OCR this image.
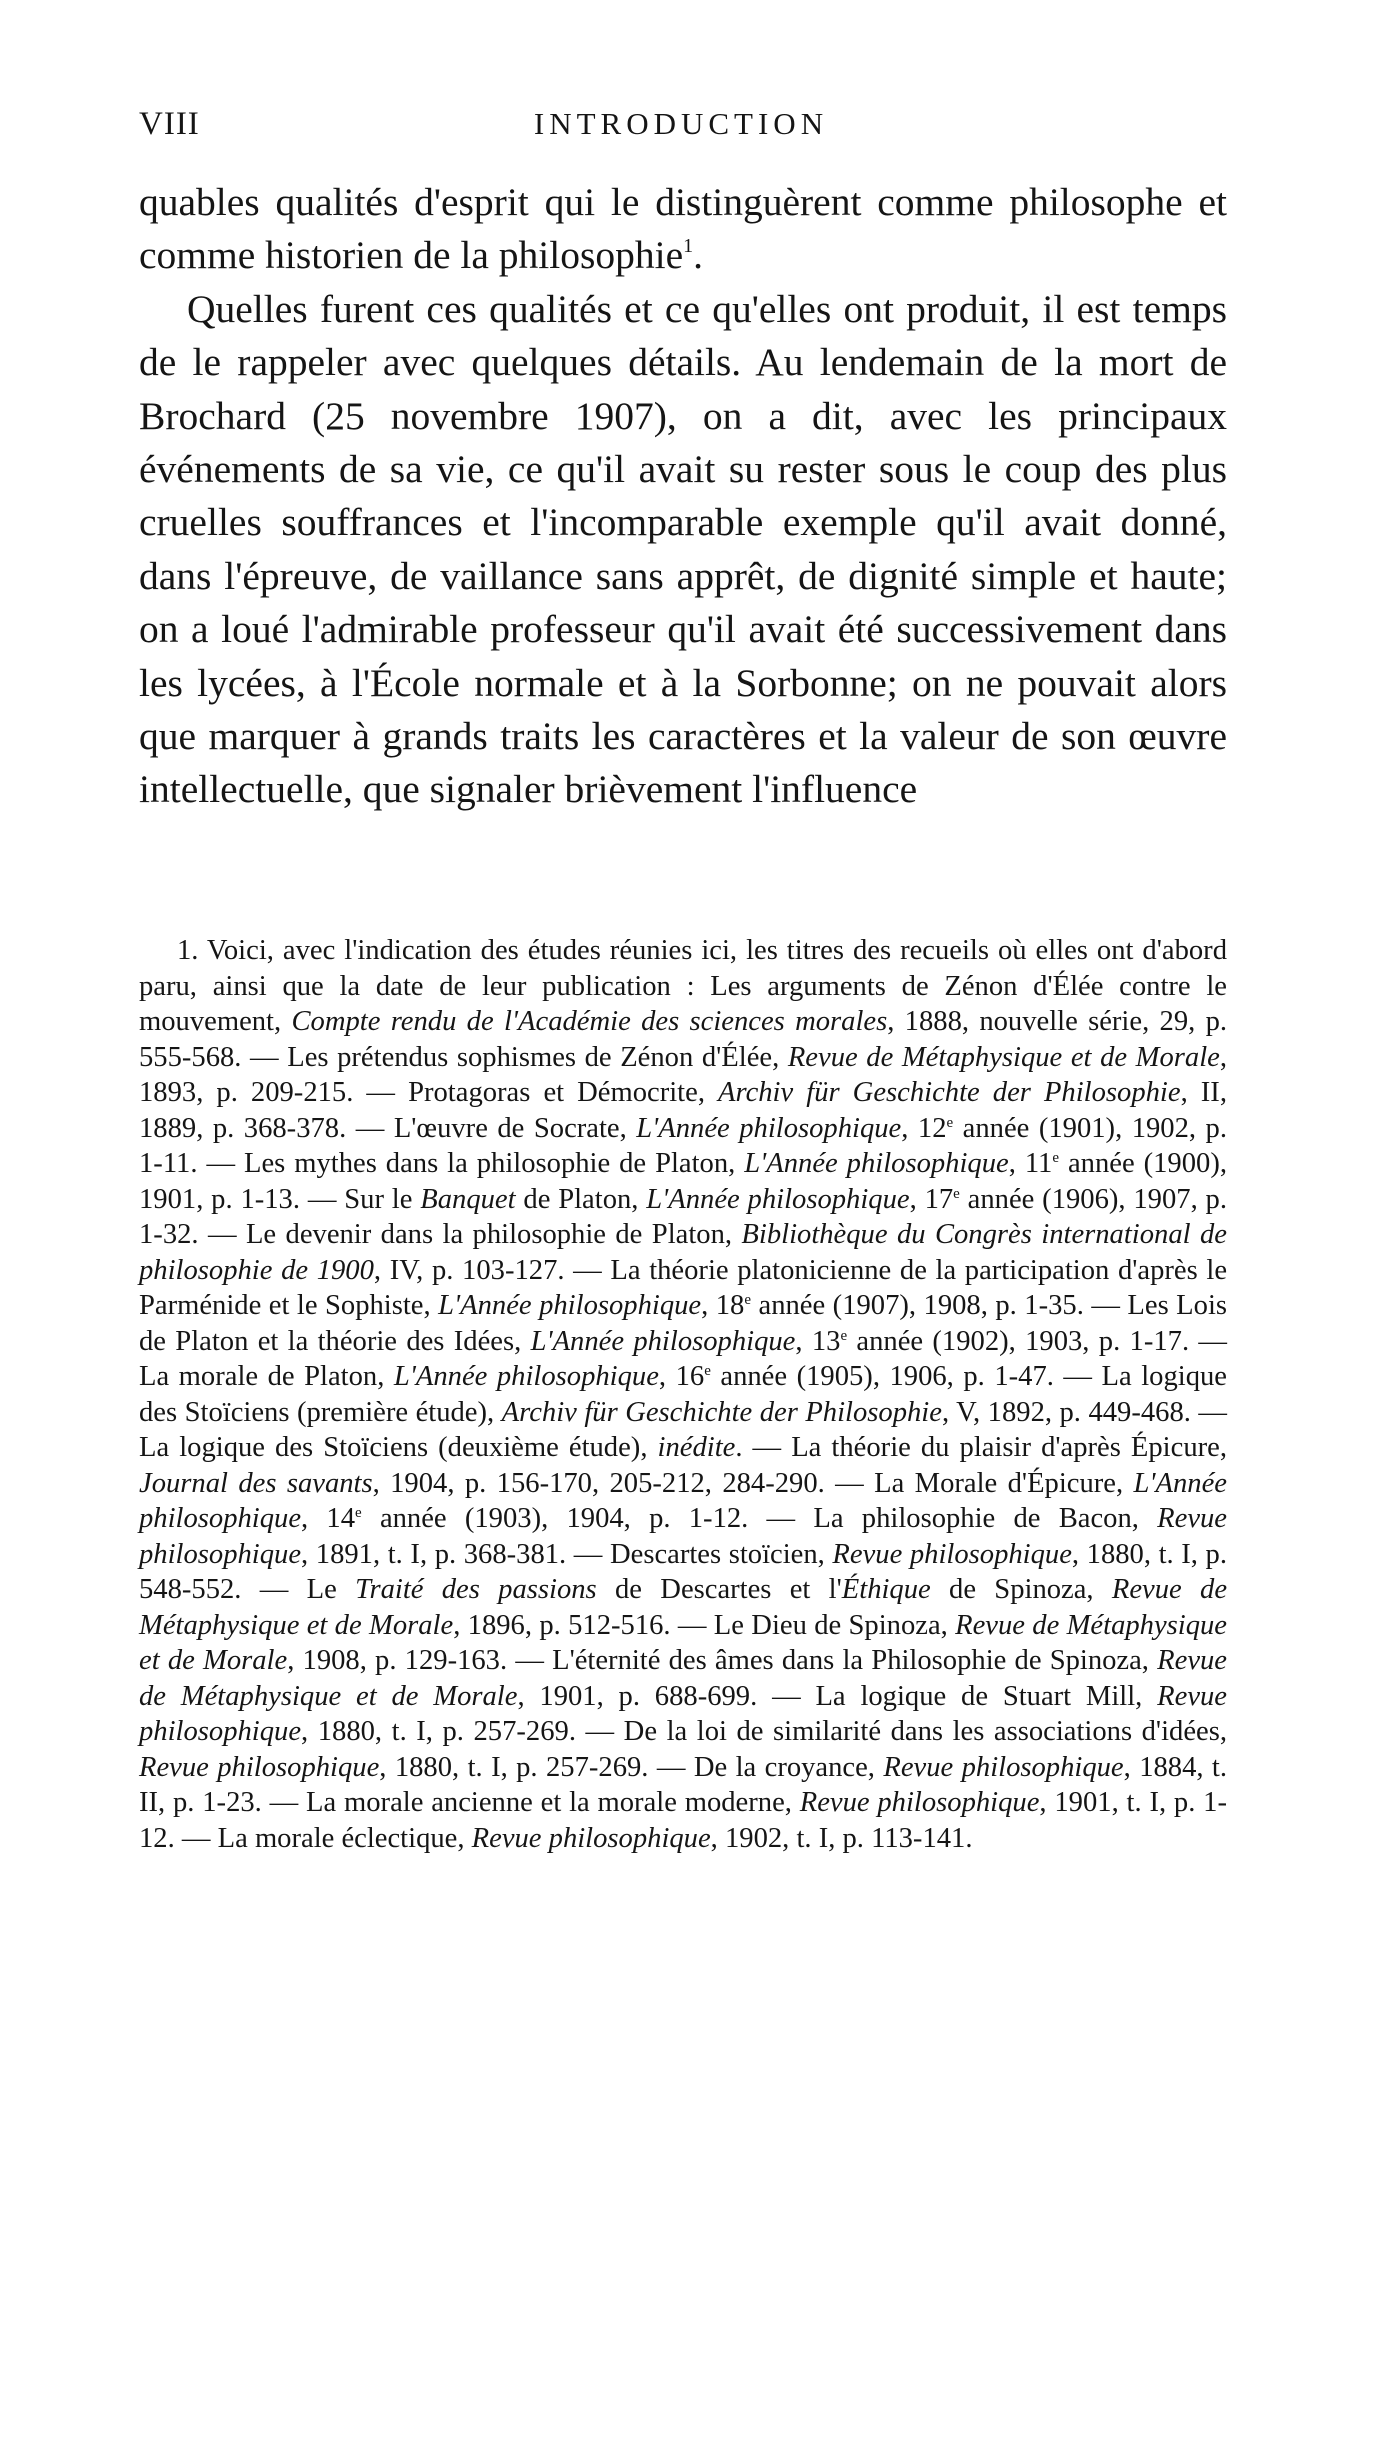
VIII	INTRODUCTION

quables qualités d'esprit qui le distinguèrent comme philosophe et comme historien de la philosophie$^1$.

Quelles furent ces qualités et ce qu'elles ont produit, il est temps de le rappeler avec quelques détails. Au lendemain de la mort de Brochard (25 novembre 1907), on a dit, avec les principaux événements de sa vie, ce qu'il avait su rester sous le coup des plus cruelles souffrances et l'incomparable exemple qu'il avait donné, dans l'épreuve, de vaillance sans apprêt, de dignité simple et haute; on a loué l'admirable professeur qu'il avait été successivement dans les lycées, à l'École normale et à la Sorbonne; on ne pouvait alors que marquer à grands traits les caractères et la valeur de son œuvre intellectuelle, que signaler brièvement l'influence

1. Voici, avec l'indication des études réunies ici, les titres des recueils où elles ont d'abord paru, ainsi que la date de leur publication : Les arguments de Zénon d'Élée contre le mouvement, Compte rendu de l'Académie des sciences morales, 1888, nouvelle série, 29, p. 555-568. — Les prétendus sophismes de Zénon d'Élée, Revue de Métaphysique et de Morale, 1893, p. 209-215. — Protagoras et Démocrite, Archiv für Geschichte der Philosophie, II, 1889, p. 368-378. — L'œuvre de Socrate, L'Année philosophique, 12e année (1901), 1902, p. 1-11. — Les mythes dans la philosophie de Platon, L'Année philosophique, 11e année (1900), 1901, p. 1-13. — Sur le Banquet de Platon, L'Année philosophique, 17e année (1906), 1907, p. 1-32. — Le devenir dans la philosophie de Platon, Bibliothèque du Congrès international de philosophie de 1900, IV, p. 103-127. — La théorie platonicienne de la participation d'après le Parménide et le Sophiste, L'Année philosophique, 18e année (1907), 1908, p. 1-35. — Les Lois de Platon et la théorie des Idées, L'Année philosophique, 13e année (1902), 1903, p. 1-17. — La morale de Platon, L'Année philosophique, 16e année (1905), 1906, p. 1-47. — La logique des Stoïciens (première étude), Archiv für Geschichte der Philosophie, V, 1892, p. 449-468. — La logique des Stoïciens (deuxième étude), inédite. — La théorie du plaisir d'après Épicure, Journal des savants, 1904, p. 156-170, 205-212, 284-290. — La Morale d'Épicure, L'Année philosophique, 14e année (1903), 1904, p. 1-12. — La philosophie de Bacon, Revue philosophique, 1891, t. I, p. 368-381. — Descartes stoïcien, Revue philosophique, 1880, t. I, p. 548-552. — Le Traité des passions de Descartes et l'Éthique de Spinoza, Revue de Métaphysique et de Morale, 1896, p. 512-516. — Le Dieu de Spinoza, Revue de Métaphysique et de Morale, 1908, p. 129-163. — L'éternité des âmes dans la Philosophie de Spinoza, Revue de Métaphysique et de Morale, 1901, p. 688-699. — La logique de Stuart Mill, Revue philosophique, 1880, t. I, p. 257-269. — De la loi de similarité dans les associations d'idées, Revue philosophique, 1880, t. I, p. 257-269. — De la croyance, Revue philosophique, 1884, t. II, p. 1-23. — La morale ancienne et la morale moderne, Revue philosophique, 1901, t. I, p. 1-12. — La morale éclectique, Revue philosophique, 1902, t. I, p. 113-141.
